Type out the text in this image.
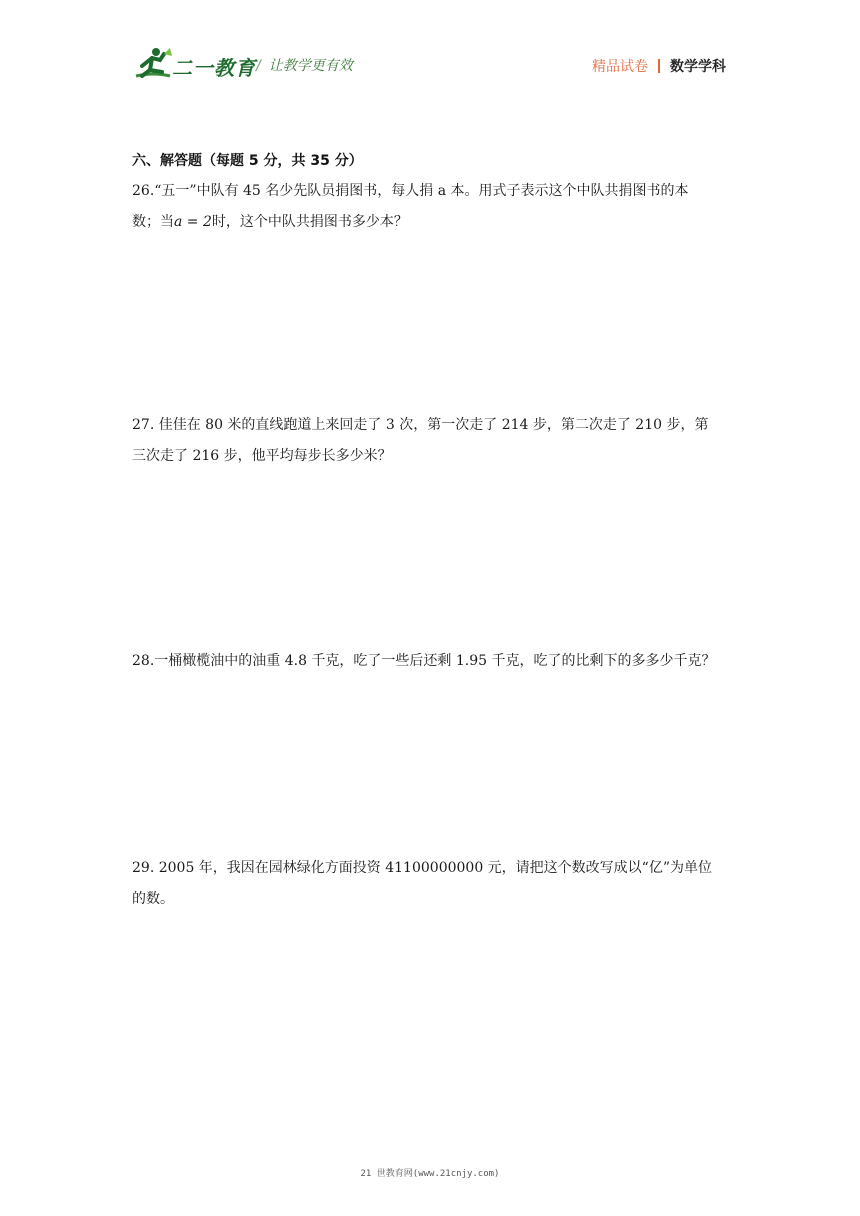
二一教育 / 让教学更有效	精品试卷 数学学科
六、解答题（每题 5 分，共 35 分）
26.“五一”中队有 45 名少先队员捐图书，每人捐 a 本。用式子表示这个中队共捐图书的本
数；当a = 2时，这个中队共捐图书多少本？
27. 佳佳在 80 米的直线跑道上来回走了 3 次，第一次走了 214 步，第二次走了 210 步，第
三次走了 216 步，他平均每步长多少米？
28.一桶橄榄油中的油重 4.8 千克，吃了一些后还剩 1.95 千克，吃了的比剩下的多多少千克？
29. 2005 年，我因在园林绿化方面投资 41100000000 元，请把这个数改写成以“亿”为单位
的数。
21 世教育网(www.21cnjy.com)
